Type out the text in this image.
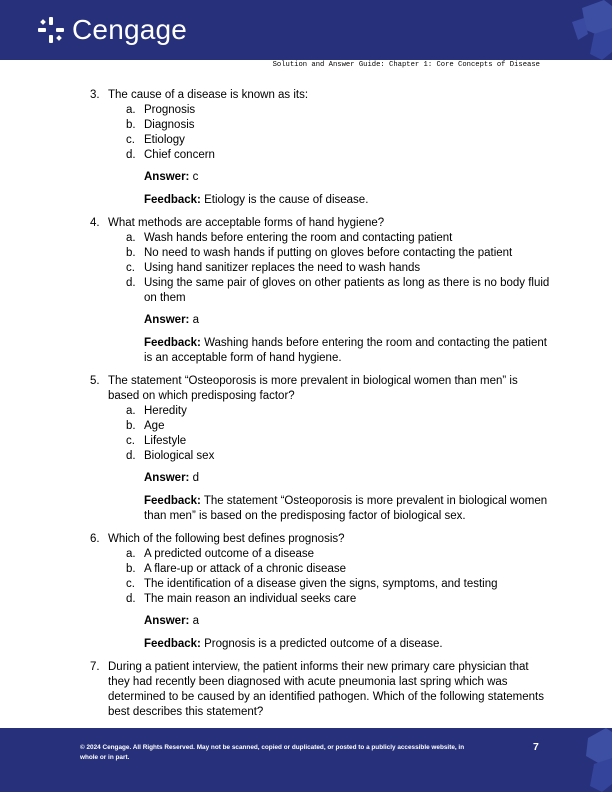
Cengage
Solution and Answer Guide: Chapter 1: Core Concepts of Disease
3. The cause of a disease is known as its:
a. Prognosis
b. Diagnosis
c. Etiology
d. Chief concern
Answer: c
Feedback: Etiology is the cause of disease.
4. What methods are acceptable forms of hand hygiene?
a. Wash hands before entering the room and contacting patient
b. No need to wash hands if putting on gloves before contacting the patient
c. Using hand sanitizer replaces the need to wash hands
d. Using the same pair of gloves on other patients as long as there is no body fluid on them
Answer: a
Feedback: Washing hands before entering the room and contacting the patient is an acceptable form of hand hygiene.
5. The statement “Osteoporosis is more prevalent in biological women than men” is based on which predisposing factor?
a. Heredity
b. Age
c. Lifestyle
d. Biological sex
Answer: d
Feedback: The statement “Osteoporosis is more prevalent in biological women than men” is based on the predisposing factor of biological sex.
6. Which of the following best defines prognosis?
a. A predicted outcome of a disease
b. A flare-up or attack of a chronic disease
c. The identification of a disease given the signs, symptoms, and testing
d. The main reason an individual seeks care
Answer: a
Feedback: Prognosis is a predicted outcome of a disease.
7. During a patient interview, the patient informs their new primary care physician that they had recently been diagnosed with acute pneumonia last spring which was determined to be caused by an identified pathogen. Which of the following statements best describes this statement?
© 2024 Cengage. All Rights Reserved. May not be scanned, copied or duplicated, or posted to a publicly accessible website, in whole or in part.
7
